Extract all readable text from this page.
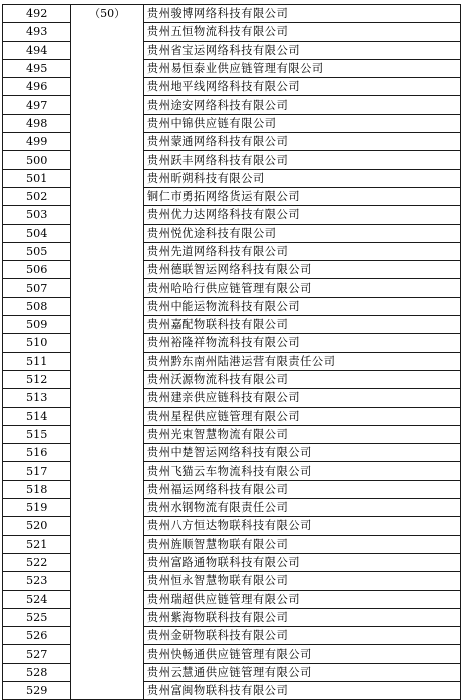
492	（50）	贵州骏博网络科技有限公司
493		贵州五恒物流科技有限公司
494		贵州省宝运网络科技有限公司
495		贵州易恒泰业供应链管理有限公司
496		贵州地平线网络科技有限公司
497		贵州途安网络科技有限公司
498		贵州中锦供应链有限公司
499		贵州蒙通网络科技有限公司
500		贵州跃丰网络科技有限公司
501		贵州昕朔科技有限公司
502		铜仁市勇拓网络货运有限公司
503		贵州优力达网络科技有限公司
504		贵州悦优途科技有限公司
505		贵州先道网络科技有限公司
506		贵州德联智运网络科技有限公司
507		贵州哈哈行供应链管理有限公司
508		贵州中能运物流科技有限公司
509		贵州嘉配物联科技有限公司
510		贵州裕隆祥物流科技有限公司
511		贵州黔东南州陆港运营有限责任公司
512		贵州沃源物流科技有限公司
513		贵州建亲供应链科技有限公司
514		贵州星程供应链管理有限公司
515		贵州光束智慧物流有限公司
516		贵州中楚智运网络科技有限公司
517		贵州飞猫云车物流科技有限公司
518		贵州福运网络科技有限公司
519		贵州水钢物流有限责任公司
520		贵州八方恒达物联科技有限公司
521		贵州旌顺智慧物联有限公司
522		贵州富路通物联科技有限公司
523		贵州恒永智慧物联有限公司
524		贵州瑞超供应链管理有限公司
525		贵州紫海物联科技有限公司
526		贵州金研物联科技有限公司
527		贵州快畅通供应链管理有限公司
528		贵州云慧通供应链管理有限公司
529		贵州富闽物联科技有限公司
